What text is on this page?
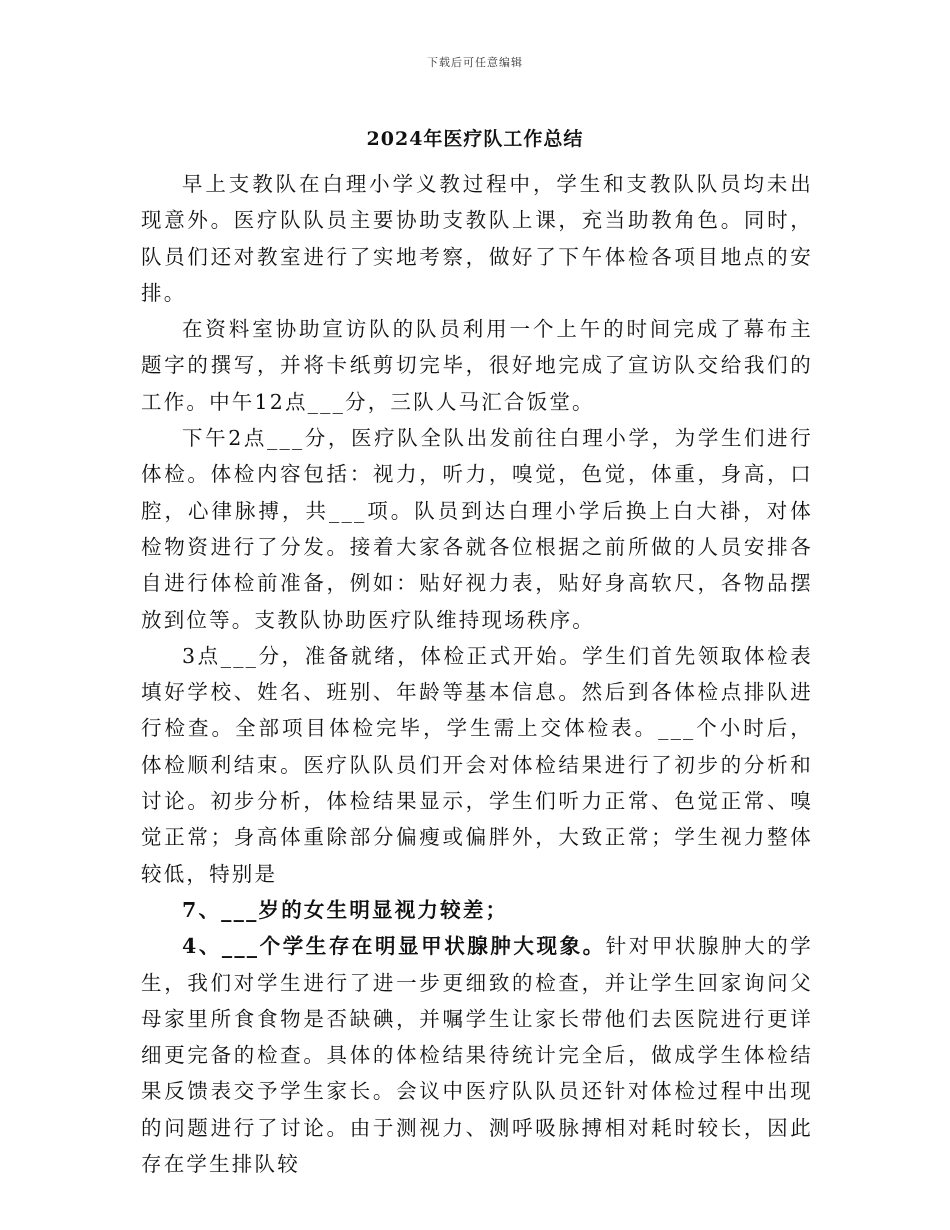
下载后可任意编辑
2024年医疗队工作总结

早上支教队在白理小学义教过程中，学生和支教队队员均未出现意外。医疗队队员主要协助支教队上课，充当助教角色。同时，队员们还对教室进行了实地考察，做好了下午体检各项目地点的安排。

在资料室协助宣访队的队员利用一个上午的时间完成了幕布主题字的撰写，并将卡纸剪切完毕，很好地完成了宣访队交给我们的工作。中午12点___分，三队人马汇合饭堂。

下午2点___分，医疗队全队出发前往白理小学，为学生们进行体检。体检内容包括：视力，听力，嗅觉，色觉，体重，身高，口腔，心律脉搏，共___项。队员到达白理小学后换上白大褂，对体检物资进行了分发。接着大家各就各位根据之前所做的人员安排各自进行体检前准备，例如：贴好视力表，贴好身高软尺，各物品摆放到位等。支教队协助医疗队维持现场秩序。

3点___分，准备就绪，体检正式开始。学生们首先领取体检表填好学校、姓名、班别、年龄等基本信息。然后到各体检点排队进行检查。全部项目体检完毕，学生需上交体检表。___个小时后，体检顺利结束。医疗队队员们开会对体检结果进行了初步的分析和讨论。初步分析，体检结果显示，学生们听力正常、色觉正常、嗅觉正常；身高体重除部分偏瘦或偏胖外，大致正常；学生视力整体较低，特别是

7、___岁的女生明显视力较差；

4、___个学生存在明显甲状腺肿大现象。针对甲状腺肿大的学生，我们对学生进行了进一步更细致的检查，并让学生回家询问父母家里所食食物是否缺碘，并嘱学生让家长带他们去医院进行更详细更完备的检查。具体的体检结果待统计完全后，做成学生体检结果反馈表交予学生家长。会议中医疗队队员还针对体检过程中出现的问题进行了讨论。由于测视力、测呼吸脉搏相对耗时较长，因此存在学生排队较
